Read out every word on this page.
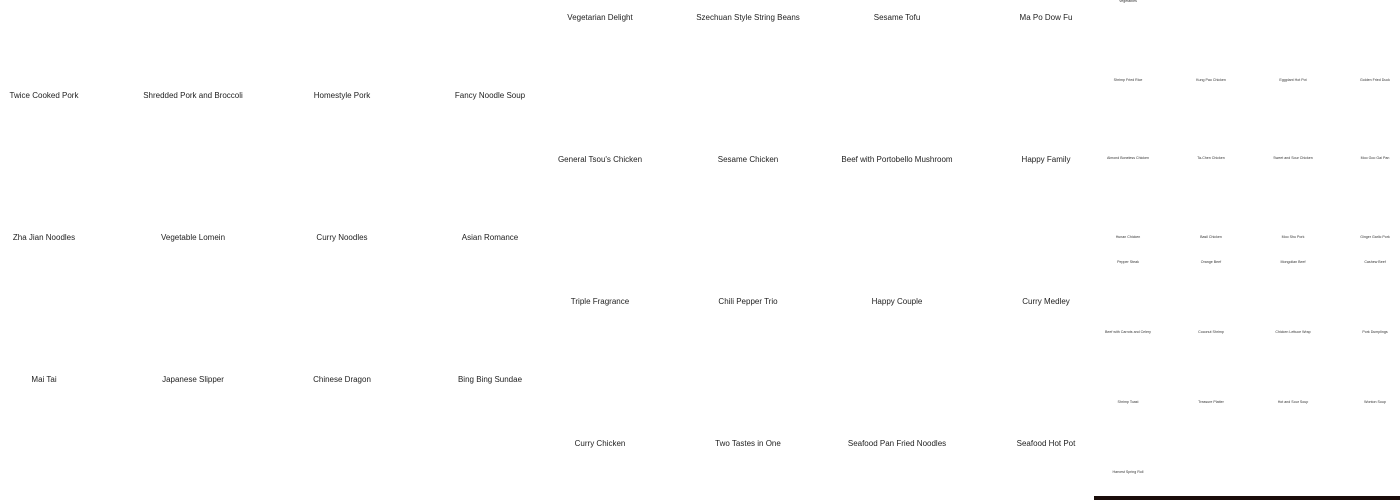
Twice Cooked Pork	Shredded Pork and Broccoli	Homestyle Pork	Fancy Noodle Soup
Zha Jian Noodles	Vegetable Lomein	Curry Noodles	Asian Romance
Mai Tai	Japanese Slipper	Chinese Dragon	Bing Bing Sundae
Vegetarian Delight	Szechuan Style String Beans	Sesame Tofu	Ma Po Dow Fu
General Tsou's Chicken	Sesame Chicken	Beef with Portobello Mushroom	Happy Family
Triple Fragrance	Chili Pepper Trio	Happy Couple	Curry Medley
Curry Chicken	Two Tastes in One	Seafood Pan Fried Noodles	Seafood Hot Pot
Vegetables
Shrimp Fried Rice	Kung Pao Chicken	Eggplant Hot Pot	Golden Fried Duck
Almond Boneless Chicken	Ta-Chen Chicken	Sweet and Sour Chicken	Moo Goo Gai Pan
Hunan Chicken	Basil Chicken	Moo Shu Pork	Ginger Garlic Pork
Pepper Steak	Orange Beef	Mongolian Beef	Cashew Beef
Beef with Carrots and Celery	Coconut Shrimp	Chicken Lettuce Wrap	Pork Dumplings
Shrimp Toast	Treasure Platter	Hot and Sour Soup	Wonton Soup
Harvest Spring Roll
